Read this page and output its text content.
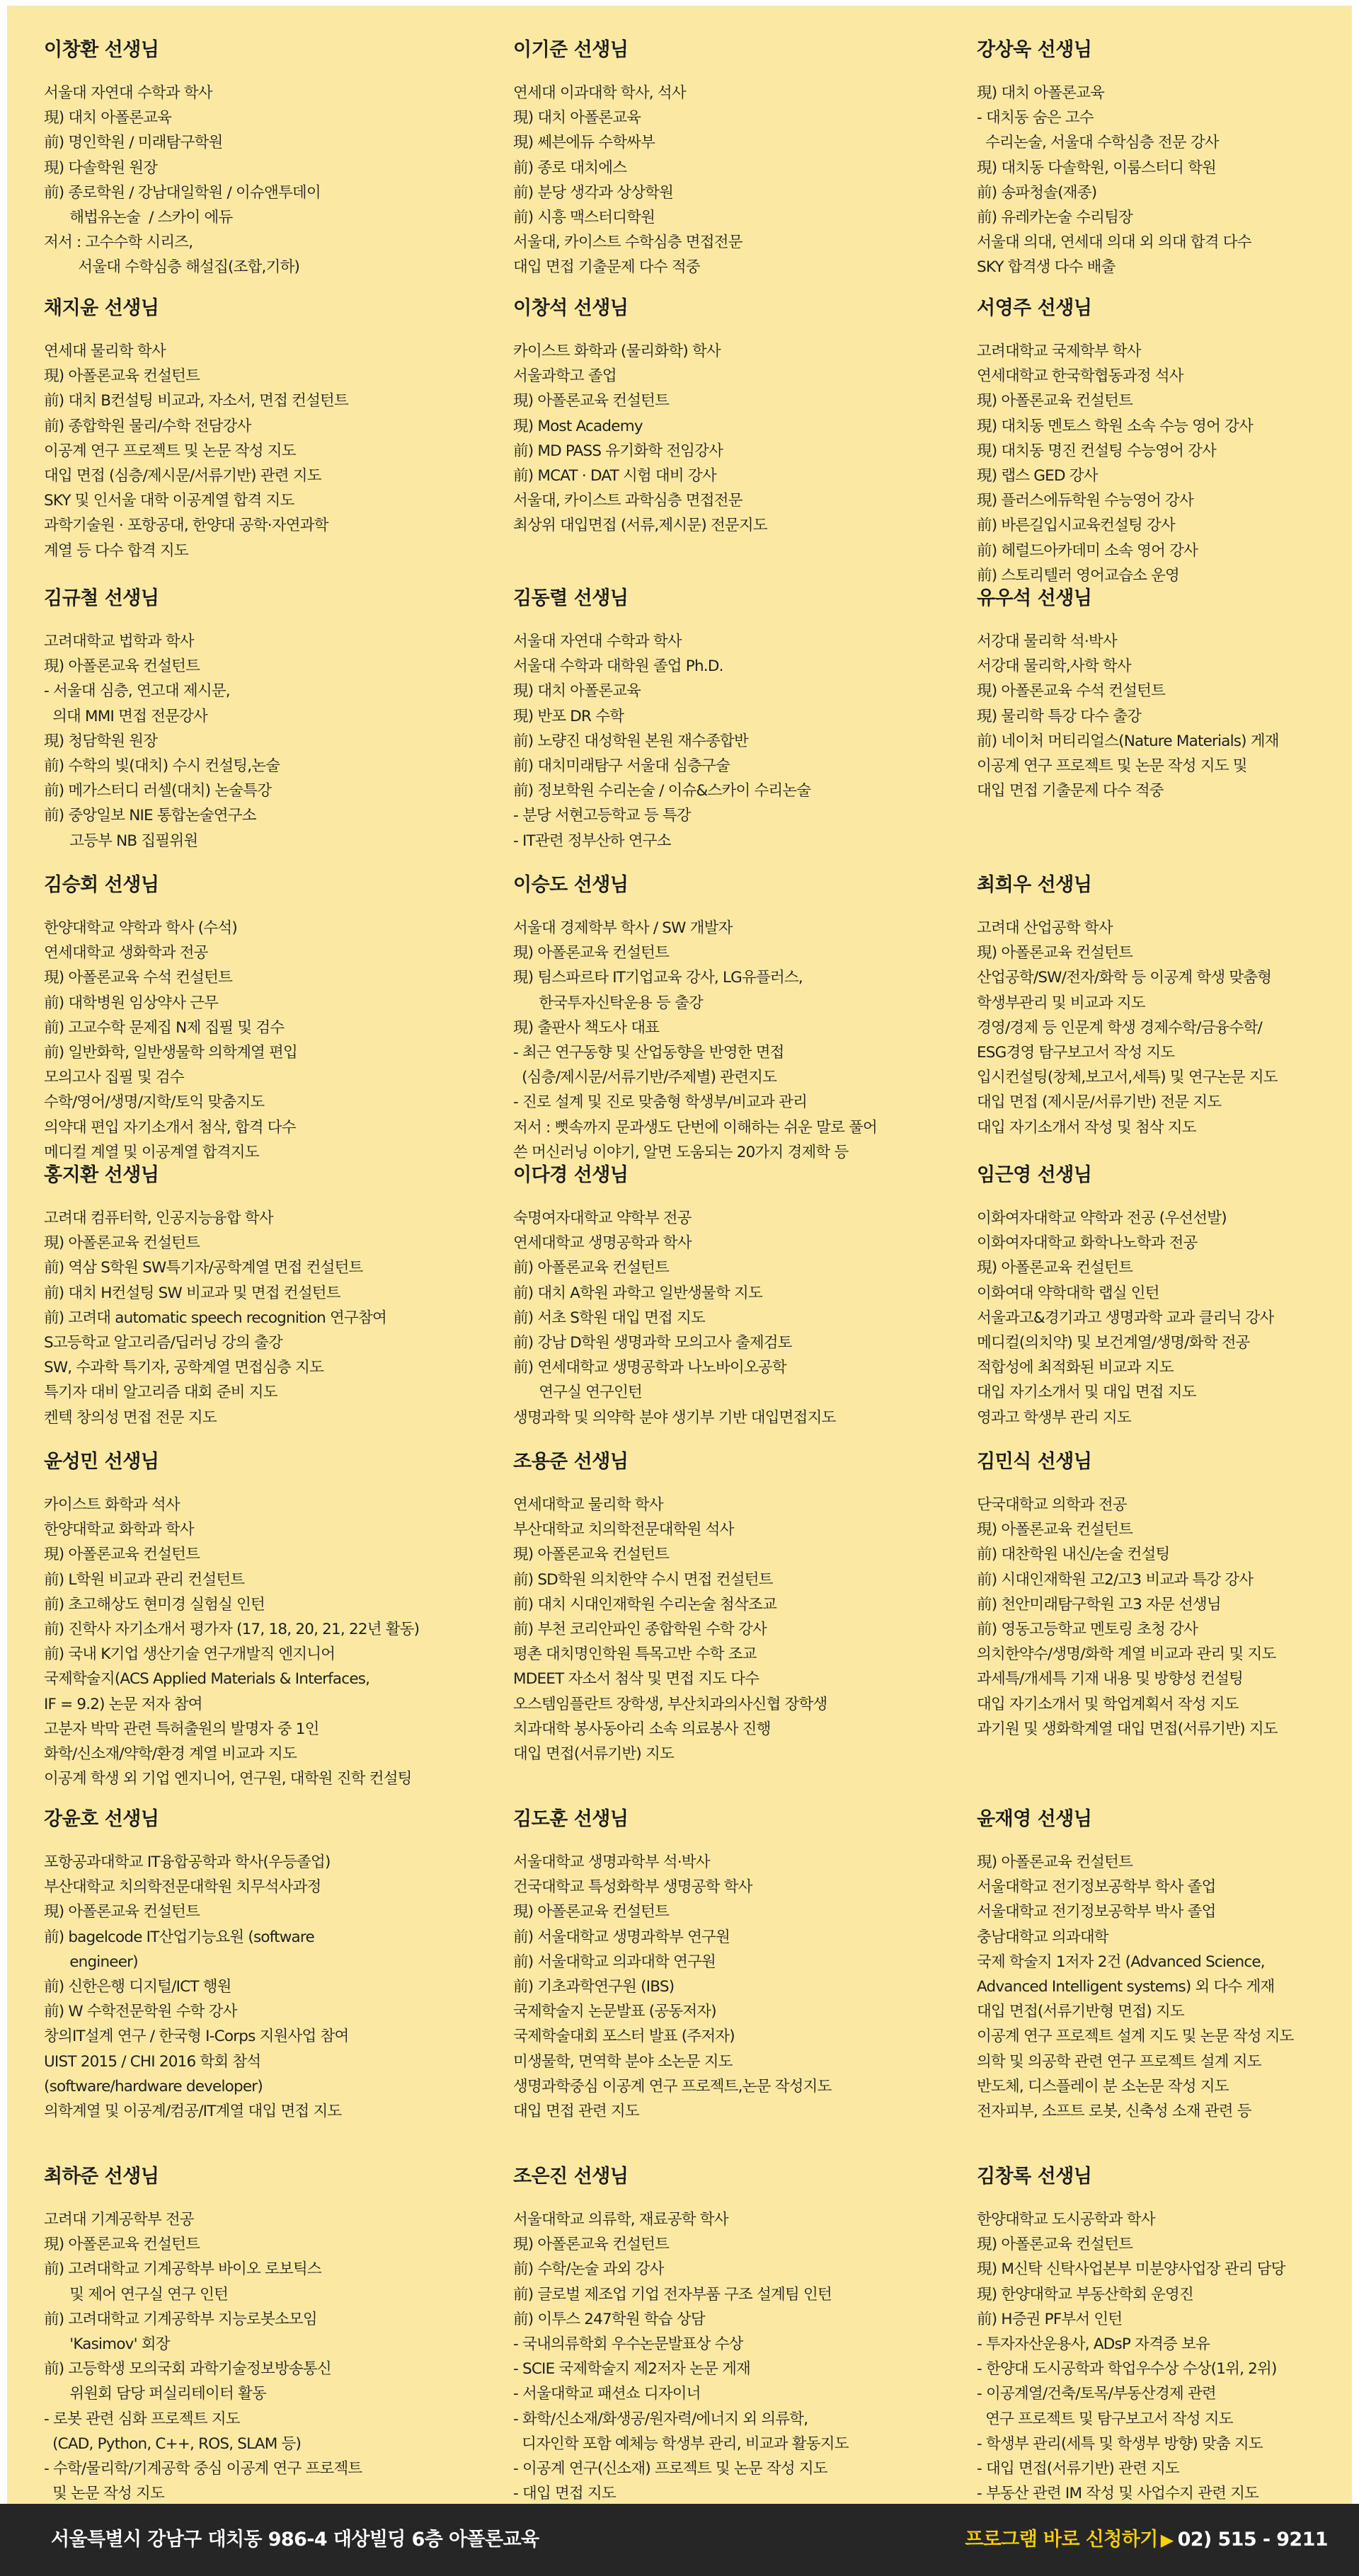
이창환 선생님
서울대 자연대 수학과 학사
現) 대치 아폴론교육
前) 명인학원 / 미래탐구학원
現) 다솔학원 원장
前) 종로학원 / 강남대일학원 / 이슈앤투데이
해법유논술  / 스카이 에듀
저서 : 고수수학 시리즈,
서울대 수학심층 해설집(조합,기하)
이기준 선생님
연세대 이과대학 학사, 석사
現) 대치 아폴론교육
現) 쎄븐에듀 수학싸부
前) 종로 대치에스
前) 분당 생각과 상상학원
前) 시흥 맥스터디학원
서울대, 카이스트 수학심층 면접전문
대입 면접 기출문제 다수 적중
강상욱 선생님
現) 대치 아폴론교육
- 대치동 숨은 고수
수리논술, 서울대 수학심층 전문 강사
現) 대치동 다솔학원, 이룸스터디 학원
前) 송파청솔(재종)
前) 유레카논술 수리팀장
서울대 의대, 연세대 의대 외 의대 합격 다수
SKY 합격생 다수 배출
채지윤 선생님
연세대 물리학 학사
現) 아폴론교육 컨설턴트
前) 대치 B컨설팅 비교과, 자소서, 면접 컨설턴트
前) 종합학원 물리/수학 전담강사
이공계 연구 프로젝트 및 논문 작성 지도
대입 면접 (심층/제시문/서류기반) 관련 지도
SKY 및 인서울 대학 이공계열 합격 지도
과학기술원 · 포항공대, 한양대 공학·자연과학
계열 등 다수 합격 지도
이창석 선생님
카이스트 화학과 (물리화학) 학사
서울과학고 졸업
現) 아폴론교육 컨설턴트
現) Most Academy
前) MD PASS 유기화학 전임강사
前) MCAT · DAT 시험 대비 강사
서울대, 카이스트 과학심층 면접전문
최상위 대입면접 (서류,제시문) 전문지도
서영주 선생님
고려대학교 국제학부 학사
연세대학교 한국학협동과정 석사
現) 아폴론교육 컨설턴트
現) 대치동 멘토스 학원 소속 수능 영어 강사
現) 대치동 명진 컨설팅 수능영어 강사
現) 랩스 GED 강사
現) 플러스에듀학원 수능영어 강사
前) 바른길입시교육컨설팅 강사
前) 헤럴드아카데미 소속 영어 강사
前) 스토리텔러 영어교습소 운영
김규철 선생님
고려대학교 법학과 학사
現) 아폴론교육 컨설턴트
- 서울대 심층, 연고대 제시문,
의대 MMI 면접 전문강사
現) 청담학원 원장
前) 수학의 빛(대치) 수시 컨설팅,논술
前) 메가스터디 러셀(대치) 논술특강
前) 중앙일보 NIE 통합논술연구소
고등부 NB 집필위원
김동렬 선생님
서울대 자연대 수학과 학사
서울대 수학과 대학원 졸업 Ph.D.
現) 대치 아폴론교육
現) 반포 DR 수학
前) 노량진 대성학원 본원 재수종합반
前) 대치미래탐구 서울대 심층구술
前) 정보학원 수리논술 / 이슈&스카이 수리논술
- 분당 서현고등학교 등 특강
- IT관련 정부산하 연구소
유우석 선생님
서강대 물리학 석·박사
서강대 물리학,사학 학사
現) 아폴론교육 수석 컨설턴트
現) 물리학 특강 다수 출강
前) 네이처 머티리얼스(Nature Materials) 게재
이공계 연구 프로젝트 및 논문 작성 지도 및
대입 면접 기출문제 다수 적중
김승회 선생님
한양대학교 약학과 학사 (수석)
연세대학교 생화학과 전공
現) 아폴론교육 수석 컨설턴트
前) 대학병원 임상약사 근무
前) 고교수학 문제집 N제 집필 및 검수
前) 일반화학, 일반생물학 의학계열 편입
모의고사 집필 및 검수
수학/영어/생명/지학/토익 맞춤지도
의약대 편입 자기소개서 첨삭, 합격 다수
메디컬 계열 및 이공계열 합격지도
이승도 선생님
서울대 경제학부 학사 / SW 개발자
現) 아폴론교육 컨설턴트
現) 팀스파르타 IT기업교육 강사, LG유플러스,
한국투자신탁운용 등 출강
現) 출판사 책도사 대표
- 최근 연구동향 및 산업동향을 반영한 면접
(심층/제시문/서류기반/주제별) 관련지도
- 진로 설계 및 진로 맞춤형 학생부/비교과 관리
저서 : 뻣속까지 문과생도 단번에 이해하는 쉬운 말로 풀어
쓴 머신러닝 이야기, 알면 도움되는 20가지 경제학 등
최희우 선생님
고려대 산업공학 학사
現) 아폴론교육 컨설턴트
산업공학/SW/전자/화학 등 이공계 학생 맞춤형
학생부관리 및 비교과 지도
경영/경제 등 인문계 학생 경제수학/금융수학/
ESG경영 탐구보고서 작성 지도
입시컨설팅(창체,보고서,세특) 및 연구논문 지도
대입 면접 (제시문/서류기반) 전문 지도
대입 자기소개서 작성 및 첨삭 지도
홍지환 선생님
고려대 컴퓨터학, 인공지능융합 학사
現) 아폴론교육 컨설턴트
前) 역삼 S학원 SW특기자/공학계열 면접 컨설턴트
前) 대치 H컨설팅 SW 비교과 및 면접 컨설턴트
前) 고려대 automatic speech recognition 연구참여
S고등학교 알고리즘/딥러닝 강의 출강
SW, 수과학 특기자, 공학계열 면접심층 지도
특기자 대비 알고리즘 대회 준비 지도
켄텍 창의성 면접 전문 지도
이다경 선생님
숙명여자대학교 약학부 전공
연세대학교 생명공학과 학사
前) 아폴론교육 컨설턴트
前) 대치 A학원 과학고 일반생물학 지도
前) 서초 S학원 대입 면접 지도
前) 강남 D학원 생명과학 모의고사 출제검토
前) 연세대학교 생명공학과 나노바이오공학
연구실 연구인턴
생명과학 및 의약학 분야 생기부 기반 대입면접지도
임근영 선생님
이화여자대학교 약학과 전공 (우선선발)
이화여자대학교 화학나노학과 전공
現) 아폴론교육 컨설턴트
이화여대 약학대학 랩실 인턴
서울과고&경기과고 생명과학 교과 클리닉 강사
메디컬(의치약) 및 보건계열/생명/화학 전공
적합성에 최적화된 비교과 지도
대입 자기소개서 및 대입 면접 지도
영과고 학생부 관리 지도
윤성민 선생님
카이스트 화학과 석사
한양대학교 화학과 학사
現) 아폴론교육 컨설턴트
前) L학원 비교과 관리 컨설턴트
前) 초고해상도 현미경 실험실 인턴
前) 진학사 자기소개서 평가자 (17, 18, 20, 21, 22년 활동)
前) 국내 K기업 생산기술 연구개발직 엔지니어
국제학술지(ACS Applied Materials & Interfaces,
IF = 9.2) 논문 저자 참여
고분자 박막 관련 특허출원의 발명자 중 1인
화학/신소재/약학/환경 계열 비교과 지도
이공계 학생 외 기업 엔지니어, 연구원, 대학원 진학 컨설팅
조용준 선생님
연세대학교 물리학 학사
부산대학교 치의학전문대학원 석사
現) 아폴론교육 컨설턴트
前) SD학원 의치한약 수시 면접 컨설턴트
前) 대치 시대인재학원 수리논술 첨삭조교
前) 부천 코리안파인 종합학원 수학 강사
평촌 대치명인학원 특목고반 수학 조교
MDEET 자소서 첨삭 및 면접 지도 다수
오스템임플란트 장학생, 부산치과의사신협 장학생
치과대학 봉사동아리 소속 의료봉사 진행
대입 면접(서류기반) 지도
김민식 선생님
단국대학교 의학과 전공
現) 아폴론교육 컨설턴트
前) 대찬학원 내신/논술 컨설팅
前) 시대인재학원 고2/고3 비교과 특강 강사
前) 천안미래탐구학원 고3 자문 선생님
前) 영동고등학교 멘토링 초청 강사
의치한약수/생명/화학 계열 비교과 관리 및 지도
과세특/개세특 기재 내용 및 방향성 컨설팅
대입 자기소개서 및 학업계획서 작성 지도
과기원 및 생화학계열 대입 면접(서류기반) 지도
강윤호 선생님
포항공과대학교 IT융합공학과 학사(우등졸업)
부산대학교 치의학전문대학원 치무석사과정
現) 아폴론교육 컨설턴트
前) bagelcode IT산업기능요원 (software
engineer)
前) 신한은행 디지털/ICT 행원
前) W 수학전문학원 수학 강사
창의IT설계 연구 / 한국형 I-Corps 지원사업 참여
UIST 2015 / CHI 2016 학회 참석
(software/hardware developer)
의학계열 및 이공계/컴공/IT계열 대입 면접 지도
김도훈 선생님
서울대학교 생명과학부 석·박사
건국대학교 특성화학부 생명공학 학사
現) 아폴론교육 컨설턴트
前) 서울대학교 생명과학부 연구원
前) 서울대학교 의과대학 연구원
前) 기초과학연구원 (IBS)
국제학술지 논문발표 (공동저자)
국제학술대회 포스터 발표 (주저자)
미생물학, 면역학 분야 소논문 지도
생명과학중심 이공계 연구 프로젝트,논문 작성지도
대입 면접 관련 지도
윤재영 선생님
現) 아폴론교육 컨설턴트
서울대학교 전기정보공학부 학사 졸업
서울대학교 전기정보공학부 박사 졸업
충남대학교 의과대학
국제 학술지 1저자 2건 (Advanced Science,
Advanced Intelligent systems) 외 다수 게재
대입 면접(서류기반형 면접) 지도
이공계 연구 프로젝트 설계 지도 및 논문 작성 지도
의학 및 의공학 관련 연구 프로젝트 설계 지도
반도체, 디스플레이 분 소논문 작성 지도
전자피부, 소프트 로봇, 신축성 소재 관련 등
최하준 선생님
고려대 기계공학부 전공
現) 아폴론교육 컨설턴트
前) 고려대학교 기계공학부 바이오 로보틱스
및 제어 연구실 연구 인턴
前) 고려대학교 기계공학부 지능로봇소모임
'Kasimov' 회장
前) 고등학생 모의국회 과학기술정보방송통신
위원회 담당 퍼실리테이터 활동
- 로봇 관련 심화 프로젝트 지도
(CAD, Python, C++, ROS, SLAM 등)
- 수학/물리학/기계공학 중심 이공계 연구 프로젝트
및 논문 작성 지도
조은진 선생님
서울대학교 의류학, 재료공학 학사
現) 아폴론교육 컨설턴트
前) 수학/논술 과외 강사
前) 글로벌 제조업 기업 전자부품 구조 설계팀 인턴
前) 이투스 247학원 학습 상담
- 국내의류학회 우수논문발표상 수상
- SCIE 국제학술지 제2저자 논문 게재
- 서울대학교 패션쇼 디자이너
- 화학/신소재/화생공/원자력/에너지 외 의류학,
디자인학 포함 예체능 학생부 관리, 비교과 활동지도
- 이공계 연구(신소재) 프로젝트 및 논문 작성 지도
- 대입 면접 지도
김창록 선생님
한양대학교 도시공학과 학사
現) 아폴론교육 컨설턴트
現) M신탁 신탁사업본부 미분양사업장 관리 담당
現) 한양대학교 부동산학회 운영진
前) H증권 PF부서 인턴
- 투자자산운용사, ADsP 자격증 보유
- 한양대 도시공학과 학업우수상 수상(1위, 2위)
- 이공계열/건축/토목/부동산경제 관련
연구 프로젝트 및 탐구보고서 작성 지도
- 학생부 관리(세특 및 학생부 방향) 맞춤 지도
- 대입 면접(서류기반) 관련 지도
- 부동산 관련 IM 작성 및 사업수지 관련 지도
서울특별시 강남구 대치동 986-4 대상빌딩 6층 아폴론교육	프로그램 바로 신청하기 ▶ 02) 515 - 9211
